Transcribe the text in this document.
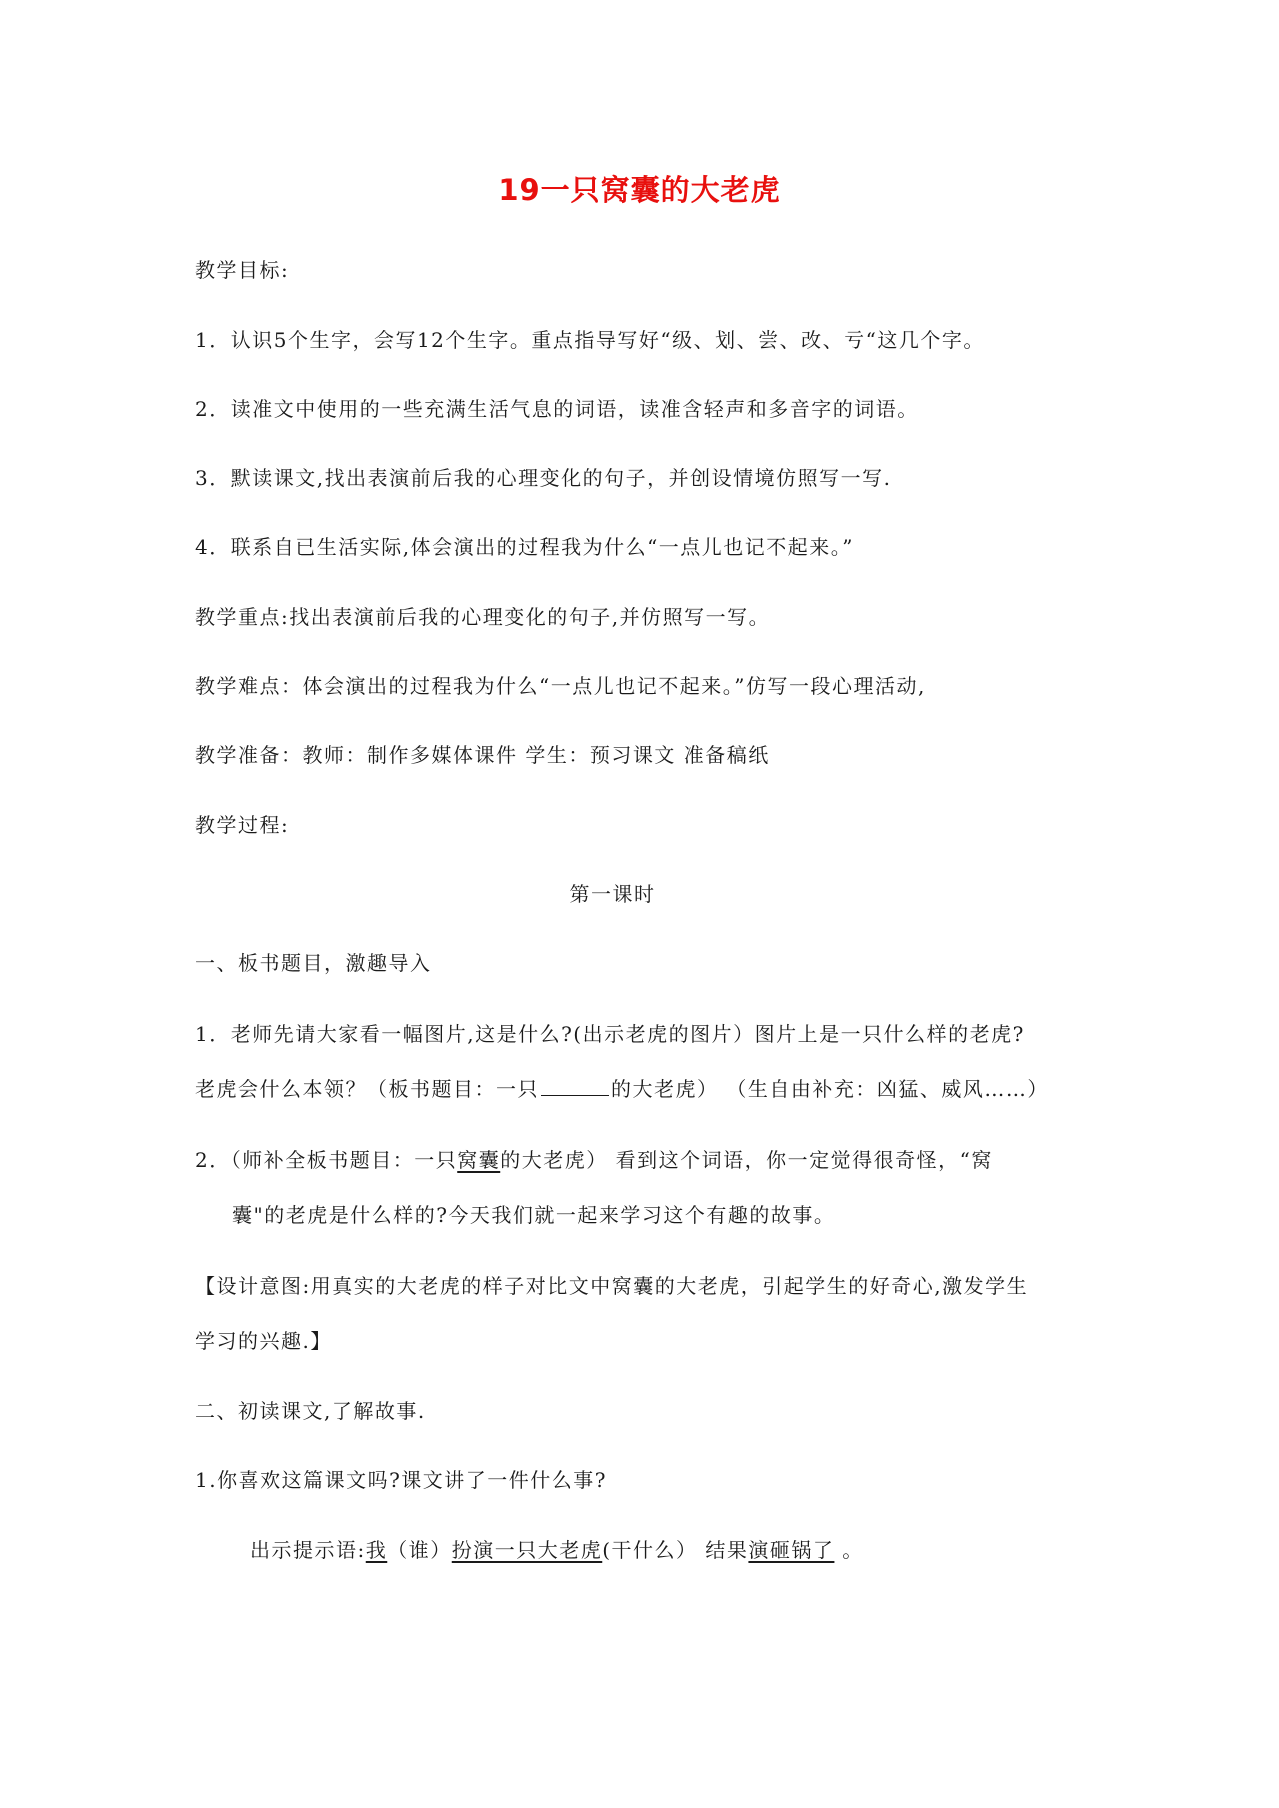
19一只窝囊的大老虎
教学目标:
1．认识5个生字，会写12个生字。重点指导写好“级、划、尝、改、亏“这几个字。
2．读准文中使用的一些充满生活气息的词语，读准含轻声和多音字的词语。
3．默读课文,找出表演前后我的心理变化的句子，并创设情境仿照写一写.
4．联系自已生活实际,体会演出的过程我为什么“一点儿也记不起来。”
教学重点:找出表演前后我的心理变化的句子,并仿照写一写。
教学难点：体会演出的过程我为什么“一点儿也记不起来。”仿写一段心理活动,
教学准备：教师：制作多媒体课件 学生：预习课文 准备稿纸
教学过程:
第一课时
一、板书题目，激趣导入
1．老师先请大家看一幅图片,这是什么?(出示老虎的图片）图片上是一只什么样的老虎?
老虎会什么本领？（板书题目：一只	的大老虎） （生自由补充：凶猛、威风……）
2．（师补全板书题目：一只窝囊的大老虎） 看到这个词语，你一定觉得很奇怪，“窝
囊"的老虎是什么样的?今天我们就一起来学习这个有趣的故事。
【设计意图:用真实的大老虎的样子对比文中窝囊的大老虎，引起学生的好奇心,激发学生
学习的兴趣.】
二、初读课文,了解故事.
1.你喜欢这篇课文吗?课文讲了一件什么事?
出示提示语:我（谁）扮演一只大老虎(干什么） 结果演砸锅了 。
